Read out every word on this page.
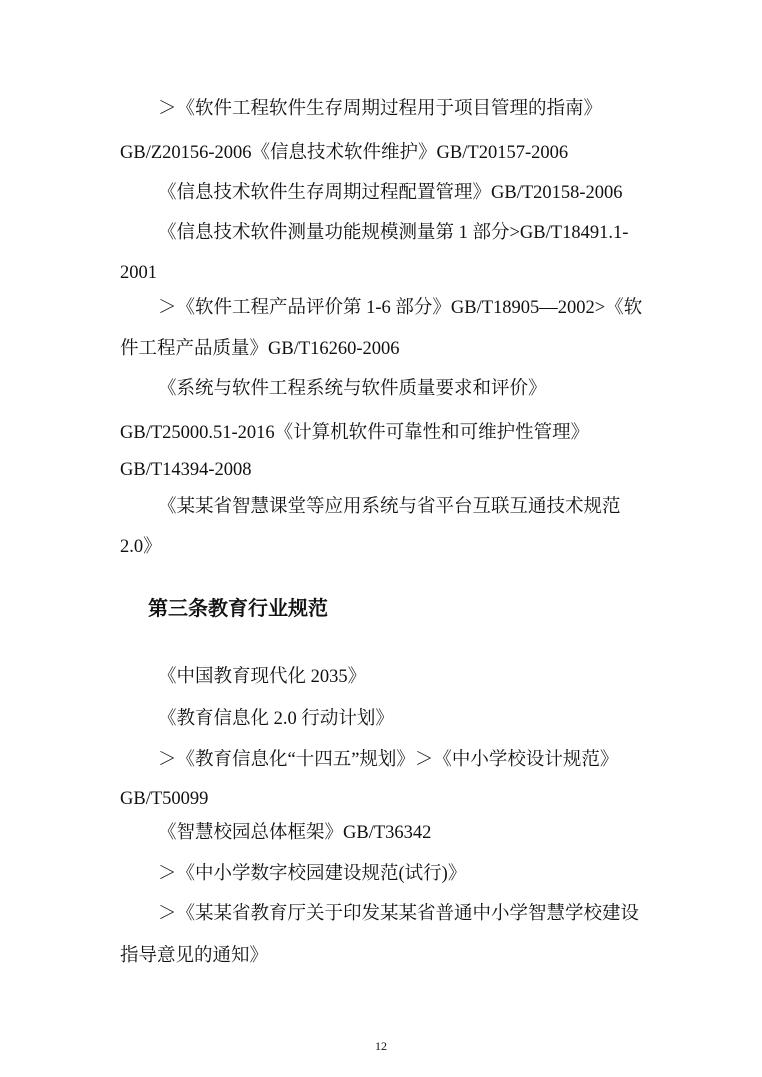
＞《软件工程软件生存周期过程用于项目管理的指南》
GB/Z20156-2006《信息技术软件维护》GB/T20157-2006
《信息技术软件生存周期过程配置管理》GB/T20158-2006
《信息技术软件测量功能规模测量第 1 部分>GB/T18491.1-
2001
＞《软件工程产品评价第 1-6 部分》GB/T18905—2002>《软
件工程产品质量》GB/T16260-2006
《系统与软件工程系统与软件质量要求和评价》
GB/T25000.51-2016《计算机软件可靠性和可维护性管理》
GB/T14394-2008
《某某省智慧课堂等应用系统与省平台互联互通技术规范
2.0》
第三条教育行业规范
《中国教育现代化 2035》
《教育信息化 2.0 行动计划》
＞《教育信息化“十四五”规划》＞《中小学校设计规范》
GB/T50099
《智慧校园总体框架》GB/T36342
＞《中小学数字校园建设规范(试行)》
＞《某某省教育厅关于印发某某省普通中小学智慧学校建设
指导意见的通知》
12
